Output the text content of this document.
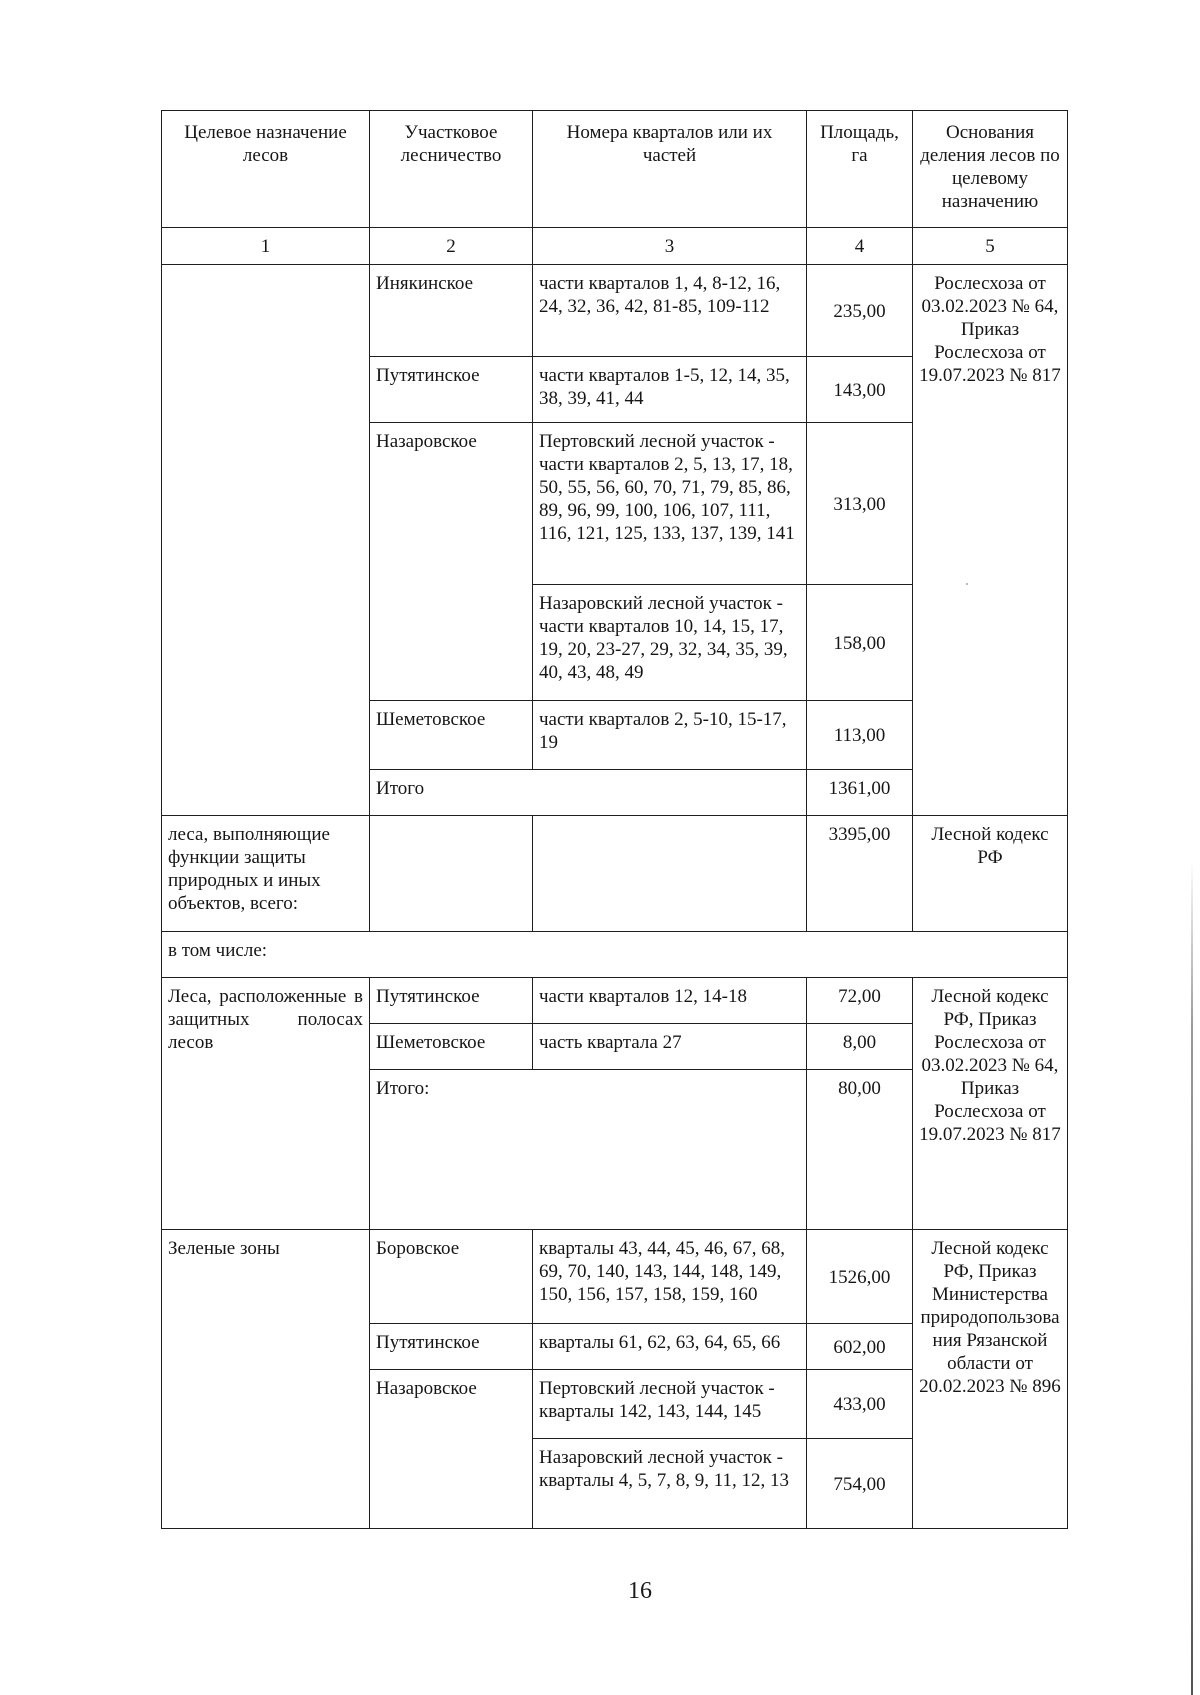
Целевое назначение лесов	Участковое лесничество	Номера кварталов или их частей	Площадь, га	Основания деления лесов по целевому назначению
1	2	3	4	5
	Инякинское	части кварталов 1, 4, 8-12, 16, 24, 32, 36, 42, 81-85, 109-112	235,00	Рослесхоза от 03.02.2023 № 64, Приказ Рослесхоза от 19.07.2023 № 817
	Путятинское	части кварталов 1-5, 12, 14, 35, 38, 39, 41, 44	143,00	
	Назаровское	Пертовский лесной участок - части кварталов 2, 5, 13, 17, 18, 50, 55, 56, 60, 70, 71, 79, 85, 86, 89, 96, 99, 100, 106, 107, 111, 116, 121, 125, 133, 137, 139, 141	313,00	
		Назаровский лесной участок - части кварталов 10, 14, 15, 17, 19, 20, 23-27, 29, 32, 34, 35, 39, 40, 43, 48, 49	158,00	
	Шеметовское	части кварталов 2, 5-10, 15-17, 19	113,00	
	Итого		1361,00	
леса, выполняющие функции защиты природных и иных объектов, всего:			3395,00	Лесной кодекс РФ
в том числе:				
Леса, расположенные в защитных полосах лесов	Путятинское	части кварталов 12, 14-18	72,00	Лесной кодекс РФ, Приказ Рослесхоза от 03.02.2023 № 64, Приказ Рослесхоза от 19.07.2023 № 817
	Шеметовское	часть квартала 27	8,00	
	Итого:		80,00	
Зеленые зоны	Боровское	кварталы 43, 44, 45, 46, 67, 68, 69, 70, 140, 143, 144, 148, 149, 150, 156, 157, 158, 159, 160	1526,00	Лесной кодекс РФ, Приказ Министерства природопользования Рязанской области от 20.02.2023 № 896
	Путятинское	кварталы 61, 62, 63, 64, 65, 66	602,00	
	Назаровское	Пертовский лесной участок - кварталы 142, 143, 144, 145	433,00	
		Назаровский лесной участок - кварталы 4, 5, 7, 8, 9, 11, 12, 13	754,00	
16
